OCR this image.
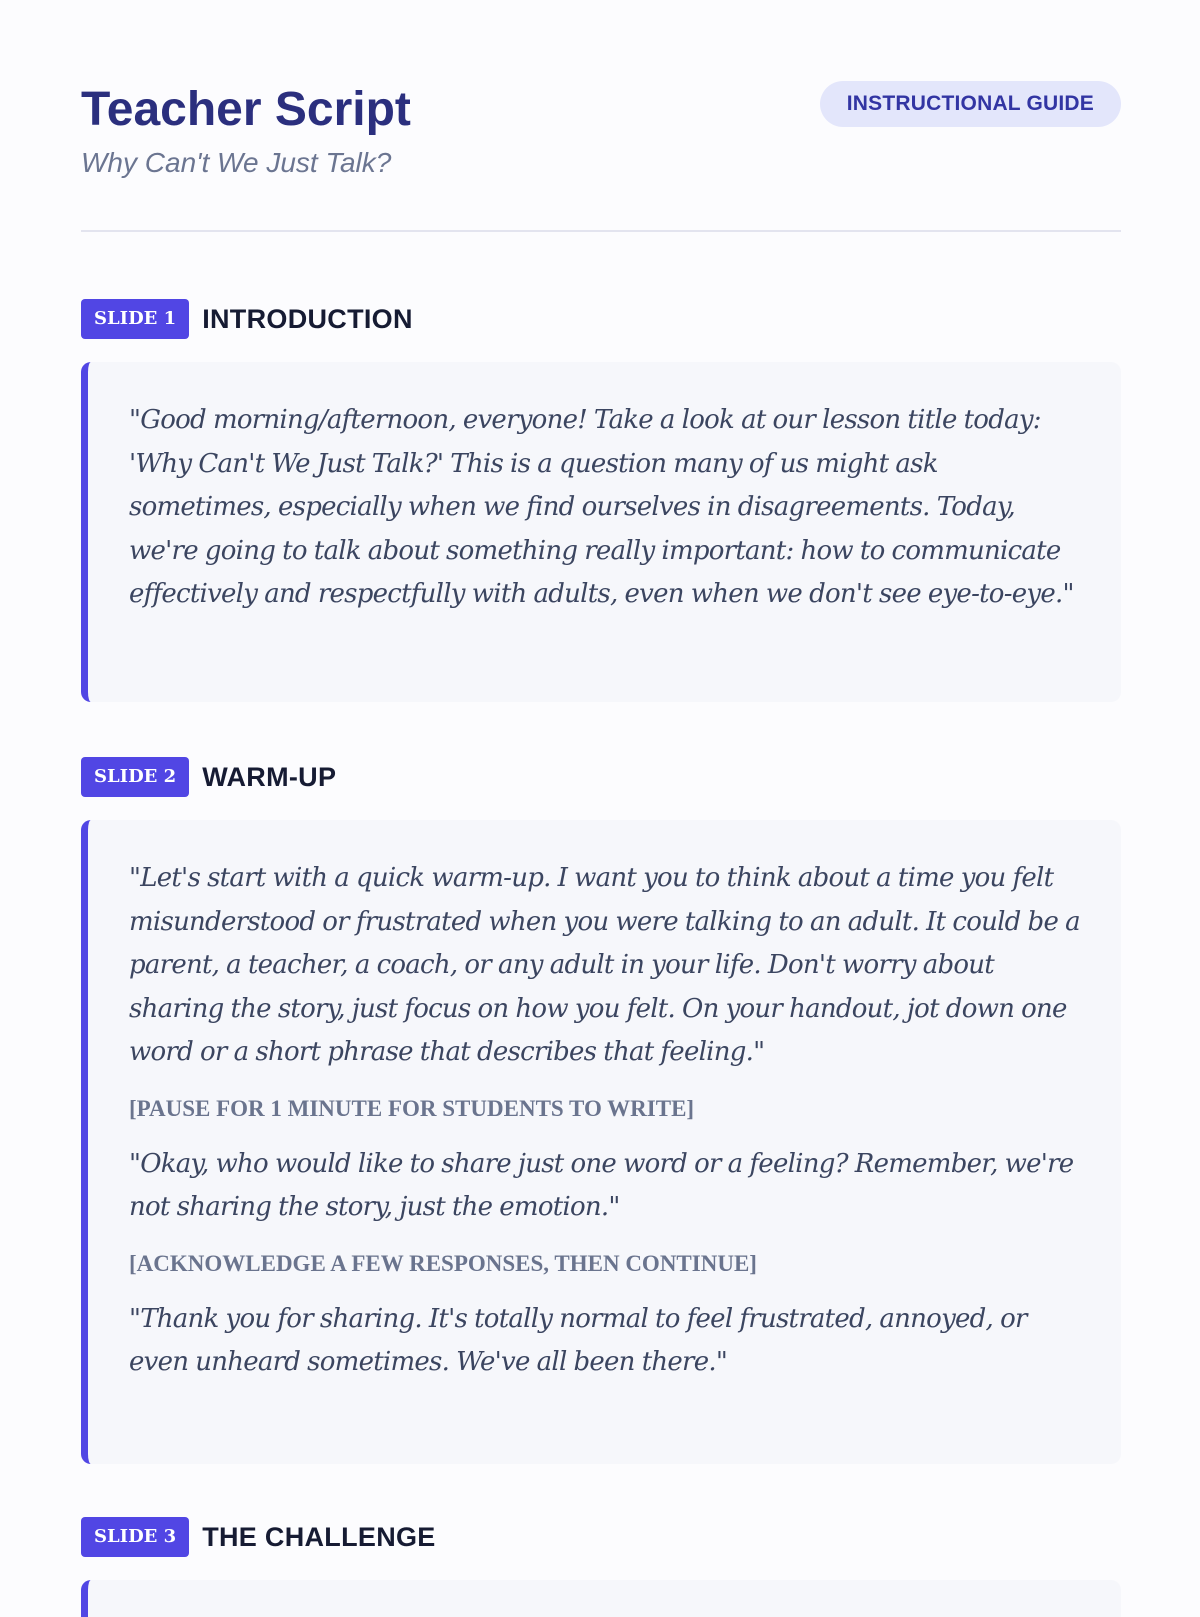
Teacher Script

Why Can't We Just Talk?

INSTRUCTIONAL GUIDE
SLIDE 1 INTRODUCTION

"Good morning/afternoon, everyone! Take a look at our lesson title today: 'Why Can't We Just Talk?' This is a question many of us might ask sometimes, especially when we find ourselves in disagreements. Today, we're going to talk about something really important: how to communicate effectively and respectfully with adults, even when we don't see eye-to-eye."

SLIDE 2 WARM-UP

"Let's start with a quick warm-up. I want you to think about a time you felt misunderstood or frustrated when you were talking to an adult. It could be a parent, a teacher, a coach, or any adult in your life. Don't worry about sharing the story, just focus on how you felt. On your handout, jot down one word or a short phrase that describes that feeling."

[PAUSE FOR 1 MINUTE FOR STUDENTS TO WRITE]

"Okay, who would like to share just one word or a feeling? Remember, we're not sharing the story, just the emotion."

[ACKNOWLEDGE A FEW RESPONSES, THEN CONTINUE]

"Thank you for sharing. It's totally normal to feel frustrated, annoyed, or even unheard sometimes. We've all been there."

SLIDE 3 THE CHALLENGE
